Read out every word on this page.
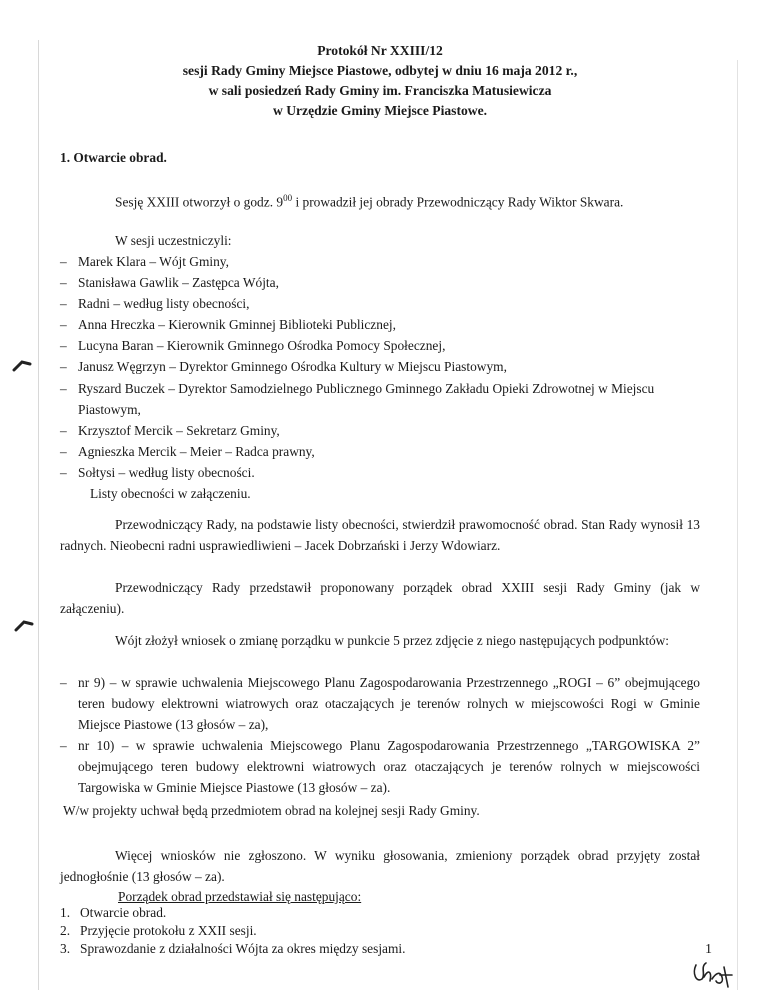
Protokół Nr XXIII/12
sesji Rady Gminy Miejsce Piastowe, odbytej w dniu 16 maja 2012 r.,
w sali posiedzeń Rady Gminy im. Franciszka Matusiewicza
w Urzędzie Gminy Miejsce Piastowe.
1. Otwarcie obrad.
Sesję XXIII otworzył o godz. $9^{00}$ i prowadził jej obrady Przewodniczący Rady Wiktor Skwara.
W sesji uczestniczyli:
– Marek Klara – Wójt Gminy,
– Stanisława Gawlik – Zastępca Wójta,
– Radni – według listy obecności,
– Anna Hreczka – Kierownik Gminnej Biblioteki Publicznej,
– Lucyna Baran – Kierownik Gminnego Ośrodka Pomocy Społecznej,
– Janusz Węgrzyn – Dyrektor Gminnego Ośrodka Kultury w Miejscu Piastowym,
– Ryszard Buczek – Dyrektor Samodzielnego Publicznego Gminnego Zakładu Opieki Zdrowotnej w Miejscu Piastowym,
– Krzysztof Mercik – Sekretarz Gminy,
– Agnieszka Mercik – Meier – Radca prawny,
– Sołtysi – według listy obecności.
Listy obecności w załączeniu.
Przewodniczący Rady, na podstawie listy obecności, stwierdził prawomocność obrad. Stan Rady wynosił 13 radnych. Nieobecni radni usprawiedliwieni – Jacek Dobrzański i Jerzy Wdowiarz.
Przewodniczący Rady przedstawił proponowany porządek obrad XXIII sesji Rady Gminy (jak w załączeniu).
Wójt złożył wniosek o zmianę porządku w punkcie 5 przez zdjęcie z niego następujących podpunktów:
– nr 9) – w sprawie uchwalenia Miejscowego Planu Zagospodarowania Przestrzennego „ROGI – 6” obejmującego teren budowy elektrowni wiatrowych oraz otaczających je terenów rolnych w miejscowości Rogi w Gminie Miejsce Piastowe (13 głosów – za),
– nr 10) – w sprawie uchwalenia Miejscowego Planu Zagospodarowania Przestrzennego „TARGOWISKA 2” obejmującego teren budowy elektrowni wiatrowych oraz otaczających je terenów rolnych w miejscowości Targowiska w Gminie Miejsce Piastowe (13 głosów – za).
W/w projekty uchwał będą przedmiotem obrad na kolejnej sesji Rady Gminy.
Więcej wniosków nie zgłoszono. W wyniku głosowania, zmieniony porządek obrad przyjęty został jednogłośnie (13 głosów – za).
Porządek obrad przedstawiał się następująco:
1. Otwarcie obrad.
2. Przyjęcie protokołu z XXII sesji.
3. Sprawozdanie z działalności Wójta za okres między sesjami.	1
